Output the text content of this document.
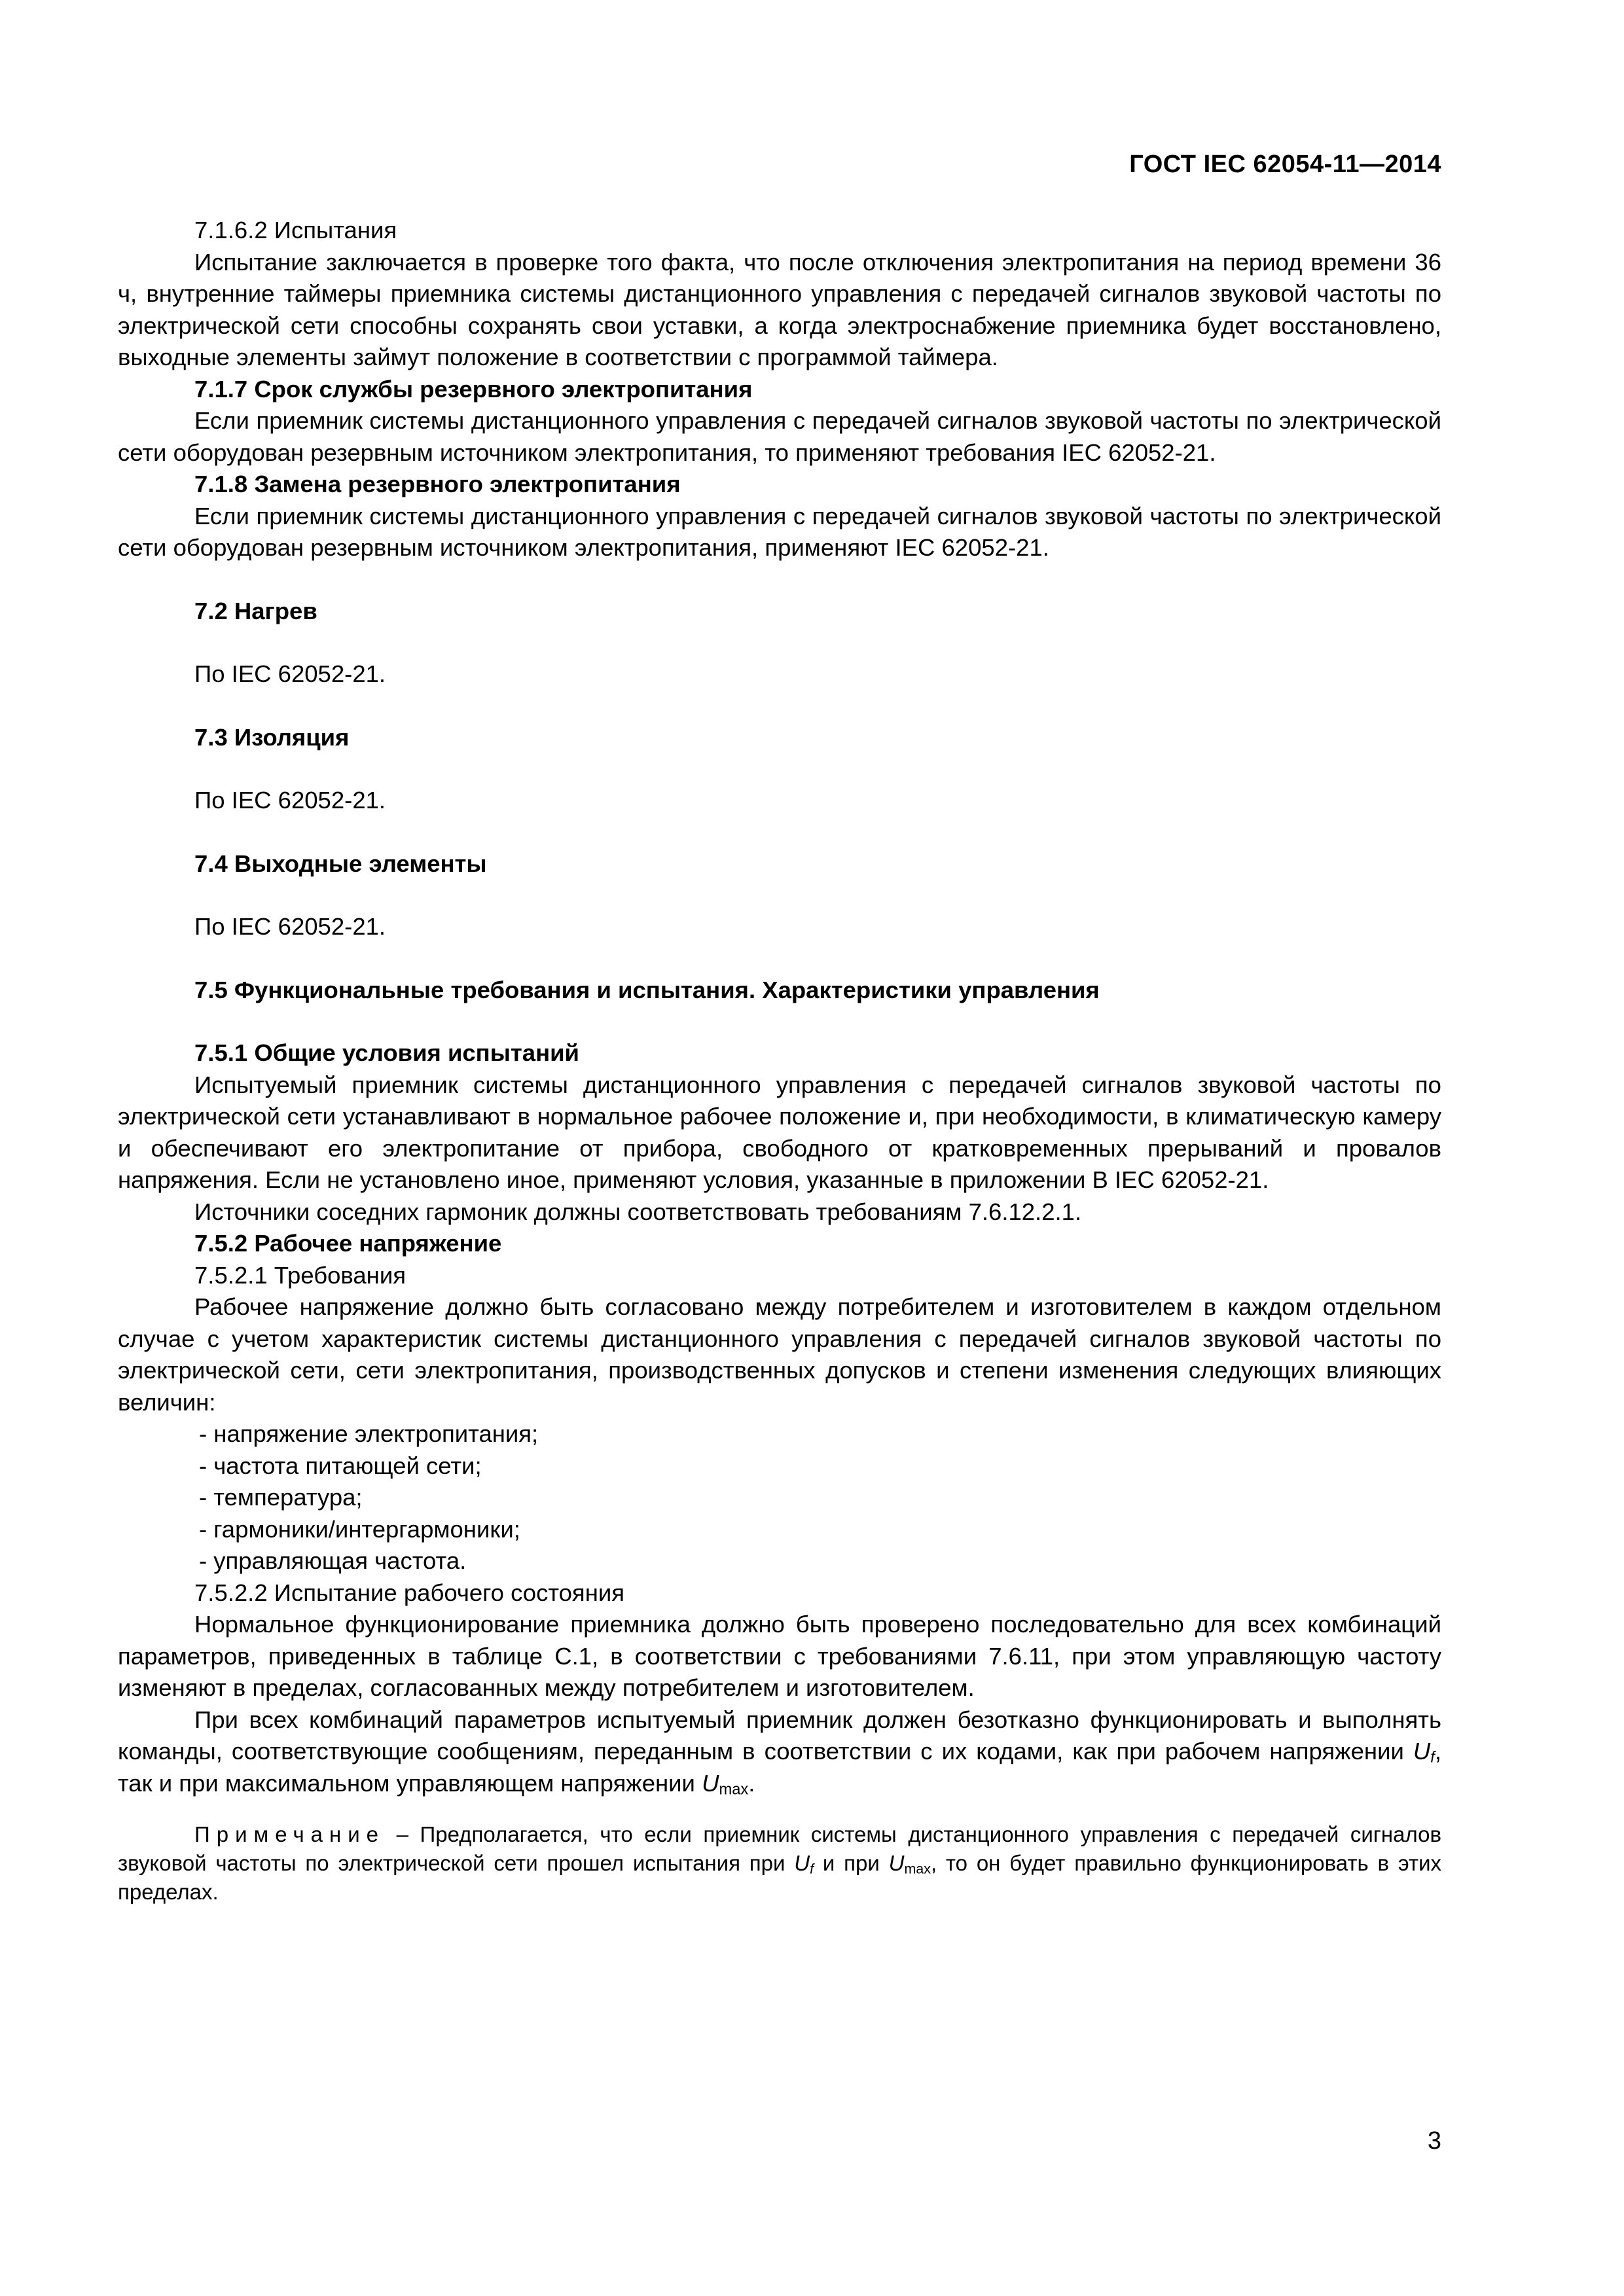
ГОСТ IEC 62054-11—2014

7.1.6.2 Испытания

Испытание заключается в проверке того факта, что после отключения электропитания на период времени 36 ч, внутренние таймеры приемника системы дистанционного управления с передачей сигналов звуковой частоты по электрической сети способны сохранять свои уставки, а когда электроснабжение приемника будет восстановлено, выходные элементы займут положение в соответствии с программой таймера.

7.1.7 Срок службы резервного электропитания

Если приемник системы дистанционного управления с передачей сигналов звуковой частоты по электрической сети оборудован резервным источником электропитания, то применяют требования IEC 62052-21.

7.1.8 Замена резервного электропитания

Если приемник системы дистанционного управления с передачей сигналов звуковой частоты по электрической сети оборудован резервным источником электропитания, применяют IEC 62052-21.

7.2 Нагрев

По IEC 62052-21.

7.3 Изоляция

По IEC 62052-21.

7.4 Выходные элементы

По IEC 62052-21.

7.5 Функциональные требования и испытания. Характеристики управления

7.5.1 Общие условия испытаний

Испытуемый приемник системы дистанционного управления с передачей сигналов звуковой частоты по электрической сети устанавливают в нормальное рабочее положение и, при необходимости, в климатическую камеру и обеспечивают его электропитание от прибора, свободного от кратковременных прерываний и провалов напряжения. Если не установлено иное, применяют условия, указанные в приложении В IEC 62052-21.

Источники соседних гармоник должны соответствовать требованиям 7.6.12.2.1.

7.5.2 Рабочее напряжение

7.5.2.1 Требования

Рабочее напряжение должно быть согласовано между потребителем и изготовителем в каждом отдельном случае с учетом характеристик системы дистанционного управления с передачей сигналов звуковой частоты по электрической сети, сети электропитания, производственных допусков и степени изменения следующих влияющих величин:

- напряжение электропитания;
- частота питающей сети;
- температура;
- гармоники/интергармоники;
- управляющая частота.

7.5.2.2 Испытание рабочего состояния

Нормальное функционирование приемника должно быть проверено последовательно для всех комбинаций параметров, приведенных в таблице С.1, в соответствии с требованиями 7.6.11, при этом управляющую частоту изменяют в пределах, согласованных между потребителем и изготовителем.

При всех комбинаций параметров испытуемый приемник должен безотказно функционировать и выполнять команды, соответствующие сообщениям, переданным в соответствии с их кодами, как при рабочем напряжении $U_f$, так и при максимальном управляющем напряжении $U_{max}$.

Примечание – Предполагается, что если приемник системы дистанционного управления с передачей сигналов звуковой частоты по электрической сети прошел испытания при $U_f$ и при $U_{max}$, то он будет правильно функционировать в этих пределах.

3
